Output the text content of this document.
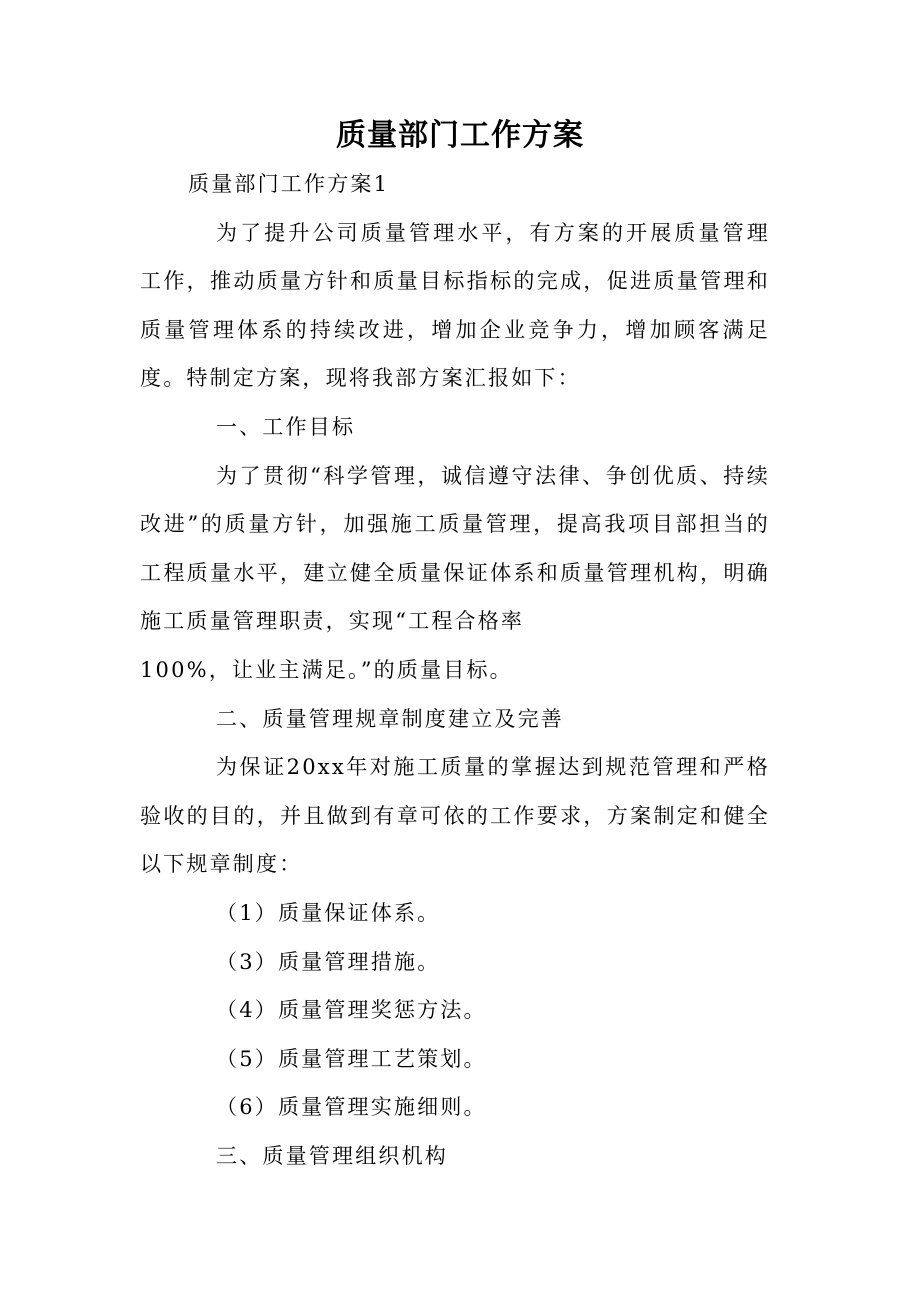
质量部门工作方案

质量部门工作方案1

为了提升公司质量管理水平，有方案的开展质量管理工作，推动质量方针和质量目标指标的完成，促进质量管理和质量管理体系的持续改进，增加企业竞争力，增加顾客满足度。特制定方案，现将我部方案汇报如下：

一、工作目标

为了贯彻“科学管理，诚信遵守法律、争创优质、持续改进”的质量方针，加强施工质量管理，提高我项目部担当的工程质量水平，建立健全质量保证体系和质量管理机构，明确施工质量管理职责，实现“工程合格率

100%，让业主满足。”的质量目标。

二、质量管理规章制度建立及完善

为保证20xx年对施工质量的掌握达到规范管理和严格验收的目的，并且做到有章可依的工作要求，方案制定和健全以下规章制度：

（1）质量保证体系。

（3）质量管理措施。

（4）质量管理奖惩方法。

（5）质量管理工艺策划。

（6）质量管理实施细则。

三、质量管理组织机构
